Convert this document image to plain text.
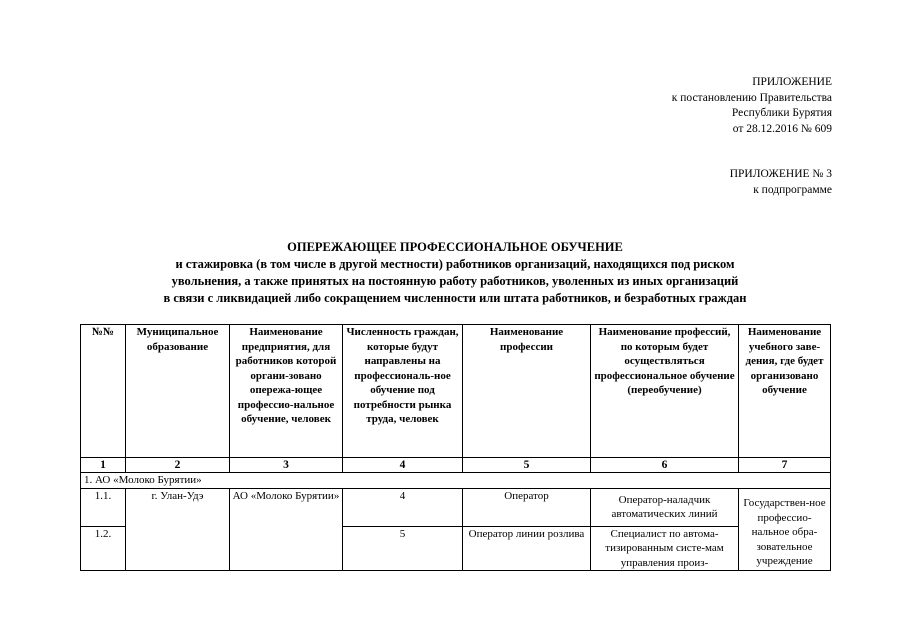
ПРИЛОЖЕНИЕ
к постановлению Правительства
Республики Бурятия
от 28.12.2016 № 609
ПРИЛОЖЕНИЕ № 3
к подпрограмме
ОПЕРЕЖАЮЩЕЕ ПРОФЕССИОНАЛЬНОЕ ОБУЧЕНИЕ
и стажировка (в том числе в другой местности) работников организаций, находящихся под риском
увольнения, а также принятых на постоянную работу работников, уволенных из иных организаций
в связи с ликвидацией либо сокращением численности или штата работников, и безработных граждан
№№	Муниципальное образование	Наименование предприятия, для работников которой органи-зовано опережа-ющее профессио-нальное обучение, человек	Численность граждан, которые будут направлены на профессиональ-ное обучение под потребности рынка труда, человек	Наименование профессии	Наименование профессий, по которым будет осуществляться профессиональное обучение (переобучение)	Наименование учебного заве-дения, где будет организовано обучение
1	2	3	4	5	6	7
1. АО «Молоко Бурятии»						
1.1.	г. Улан-Удэ	АО «Молоко Бурятии»	4	Оператор	Оператор-наладчик автоматических линий	Государствен-ное профессио-нальное обра-зовательное учреждение
1.2.			5	Оператор линии розлива	Специалист по автома-тизированным систе-мам управления произ-	
